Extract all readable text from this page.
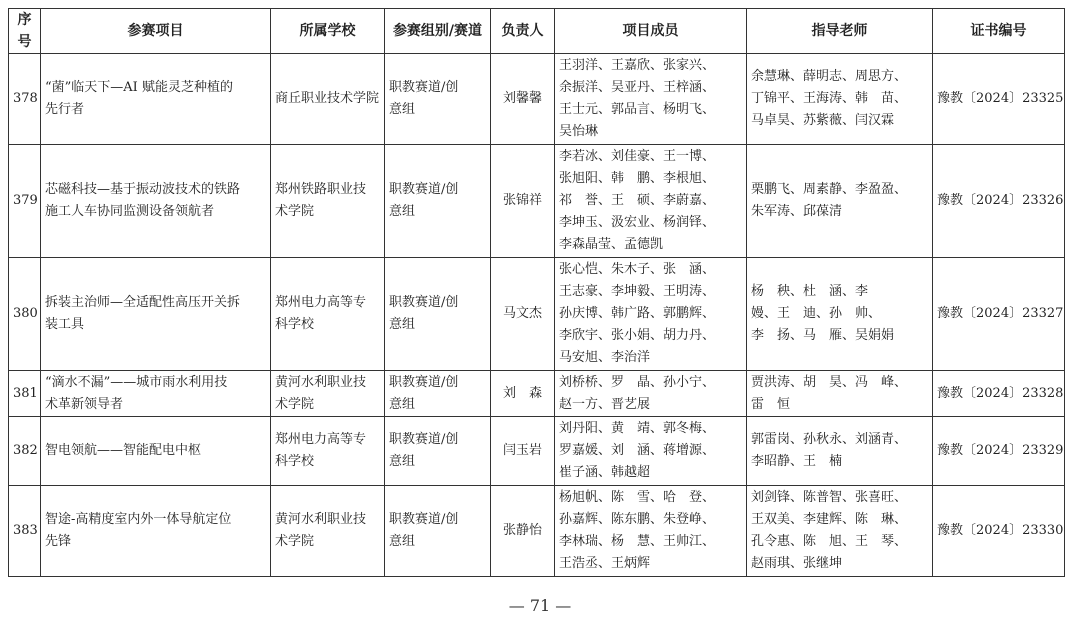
序号	参赛项目	所属学校	参赛组别/赛道	负责人	项目成员	指导老师	证书编号
378	“菌”临天下—AI 赋能灵芝种植的
先行者	商丘职业技术学院	职教赛道/创
意组	刘馨馨	王羽洋、王嘉欣、张家兴、
余振洋、吴亚丹、王梓涵、
王士元、郭品言、杨明飞、
吴怡琳	余慧琳、薛明志、周思方、
丁锦平、王海涛、韩　苗、
马卓昊、苏紫薇、闫汉霖	豫教〔2024〕23325
379	芯磁科技—基于振动波技术的铁路
施工人车协同监测设备领航者	郑州铁路职业技
术学院	职教赛道/创
意组	张锦祥	李若冰、刘佳豪、王一博、
张旭阳、韩　鹏、李根旭、
祁　誉、王　硕、李蔚嘉、
李坤玉、汲宏业、杨润铎、
李森晶莹、孟德凯	栗鹏飞、周素静、李盈盈、
朱军涛、邱葆清	豫教〔2024〕23326
380	拆装主治师—全适配性高压开关拆
装工具	郑州电力高等专
科学校	职教赛道/创
意组	马文杰	张心恺、朱木子、张　涵、
王志豪、李坤毅、王明涛、
孙庆博、韩广路、郭鹏辉、
李欣宇、张小娟、胡力丹、
马安旭、李治洋	杨　秧、杜　涵、李
嫚、王　迪、孙　帅、
李　扬、马　雁、吴娟娟	豫教〔2024〕23327
381	“滴水不漏”——城市雨水利用技
术革新领导者	黄河水利职业技
术学院	职教赛道/创
意组	刘　森	刘桥桥、罗　晶、孙小宁、
赵一方、晋艺展	贾洪涛、胡　昊、冯　峰、
雷　恒	豫教〔2024〕23328
382	智电领航——智能配电中枢	郑州电力高等专
科学校	职教赛道/创
意组	闫玉岩	刘丹阳、黄　靖、郭冬梅、
罗嘉媛、刘　涵、蒋增源、
崔子涵、韩越超	郭雷岗、孙秋永、刘涵青、
李昭静、王　楠	豫教〔2024〕23329
383	智途-高精度室内外一体导航定位
先锋	黄河水利职业技
术学院	职教赛道/创
意组	张静怡	杨旭帆、陈　雪、哈　登、
孙嘉辉、陈东鹏、朱登峥、
李林瑞、杨　慧、王帅江、
王浩丞、王炳辉	刘剑锋、陈普智、张喜旺、
王双美、李建辉、陈　琳、
孔令惠、陈　旭、王　琴、
赵雨琪、张继坤	豫教〔2024〕23330
— 71 —
